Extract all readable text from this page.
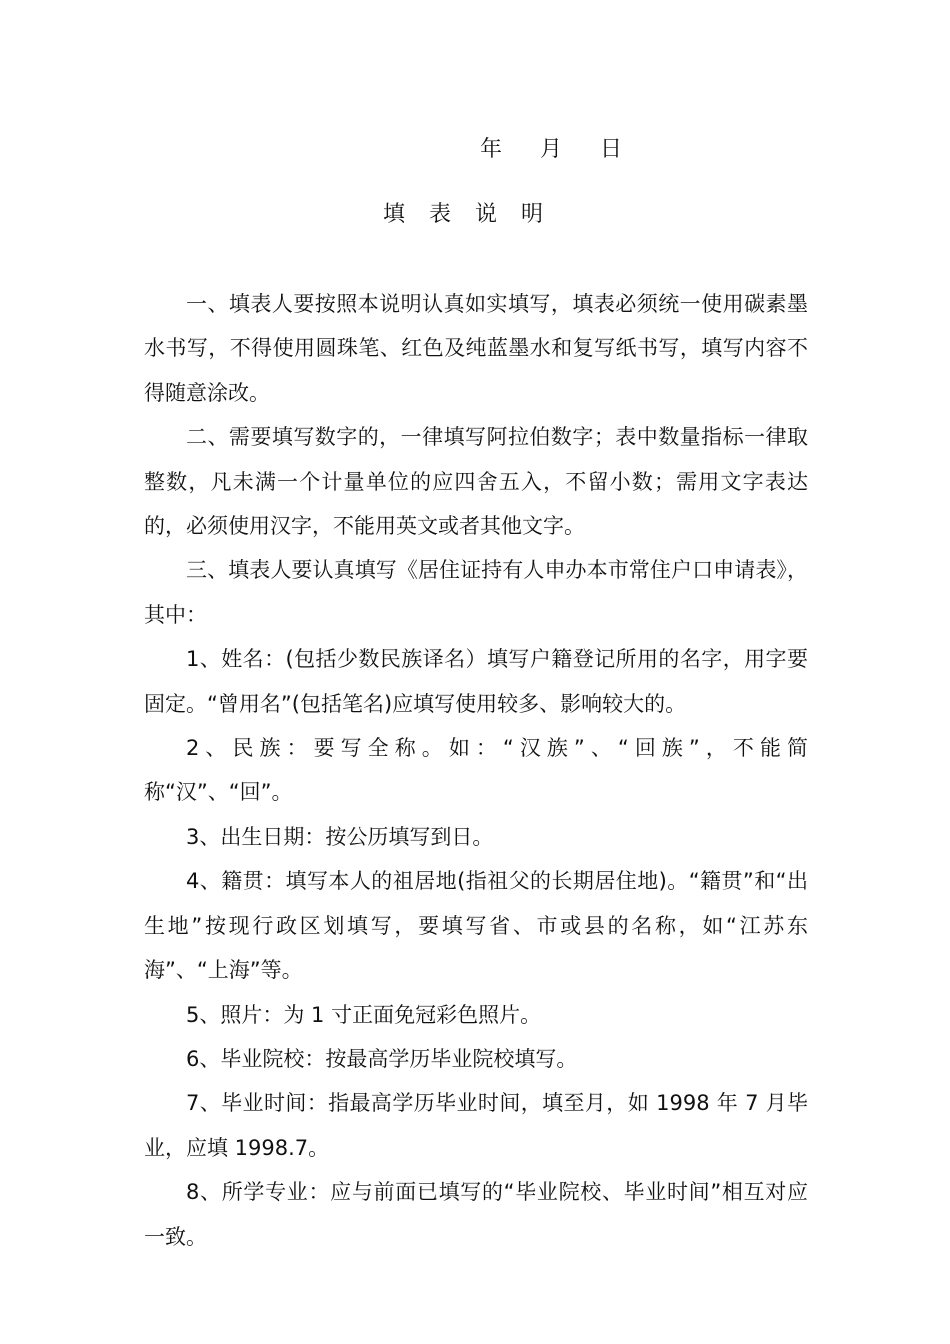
年 月 日
填表说明

一、填表人要按照本说明认真如实填写，填表必须统一使用碳素墨水书写，不得使用圆珠笔、红色及纯蓝墨水和复写纸书写，填写内容不得随意涂改。

二、需要填写数字的，一律填写阿拉伯数字；表中数量指标一律取整数，凡未满一个计量单位的应四舍五入，不留小数；需用文字表达的，必须使用汉字，不能用英文或者其他文字。

三、填表人要认真填写《居住证持有人申办本市常住户口申请表》，其中：

1、姓名：(包括少数民族译名）填写户籍登记所用的名字，用字要固定。“曾用名”(包括笔名)应填写使用较多、影响较大的。

2、民族：要写全称。如：“汉族”、“回族”，不能简称“汉”、“回”。

3、出生日期：按公历填写到日。

4、籍贯：填写本人的祖居地(指祖父的长期居住地)。“籍贯”和“出生地”按现行政区划填写，要填写省、市或县的名称，如“江苏东海”、“上海”等。

5、照片：为 1 寸正面免冠彩色照片。

6、毕业院校：按最高学历毕业院校填写。

7、毕业时间：指最高学历毕业时间，填至月，如 1998 年 7 月毕业，应填 1998.7。

8、所学专业：应与前面已填写的“毕业院校、毕业时间”相互对应一致。
